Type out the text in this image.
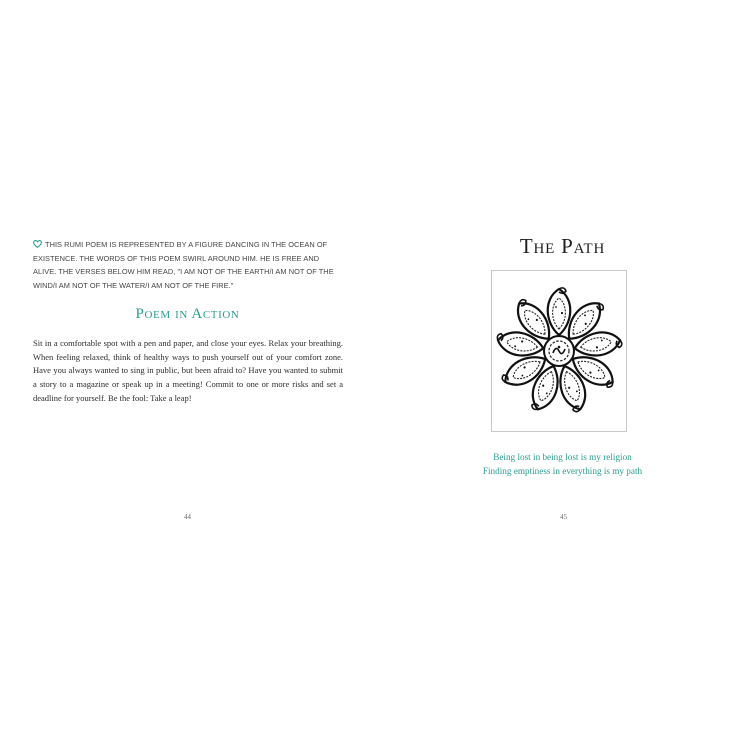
THIS RUMI POEM IS REPRESENTED BY A FIGURE DANCING IN THE OCEAN OF EXISTENCE. THE WORDS OF THIS POEM SWIRL AROUND HIM. HE IS FREE AND ALIVE. THE VERSES BELOW HIM READ, "I AM NOT OF THE EARTH/I AM NOT OF THE WIND/I AM NOT OF THE WATER/I AM NOT OF THE FIRE."
Poem in Action
Sit in a comfortable spot with a pen and paper, and close your eyes. Relax your breathing. When feeling relaxed, think of healthy ways to push yourself out of your comfort zone. Have you always wanted to sing in public, but been afraid to? Have you wanted to submit a story to a magazine or speak up in a meeting! Commit to one or more risks and set a deadline for yourself. Be the fool: Take a leap!
44
The Path
Being lost in being lost is my religion
Finding emptiness in everything is my path
45
